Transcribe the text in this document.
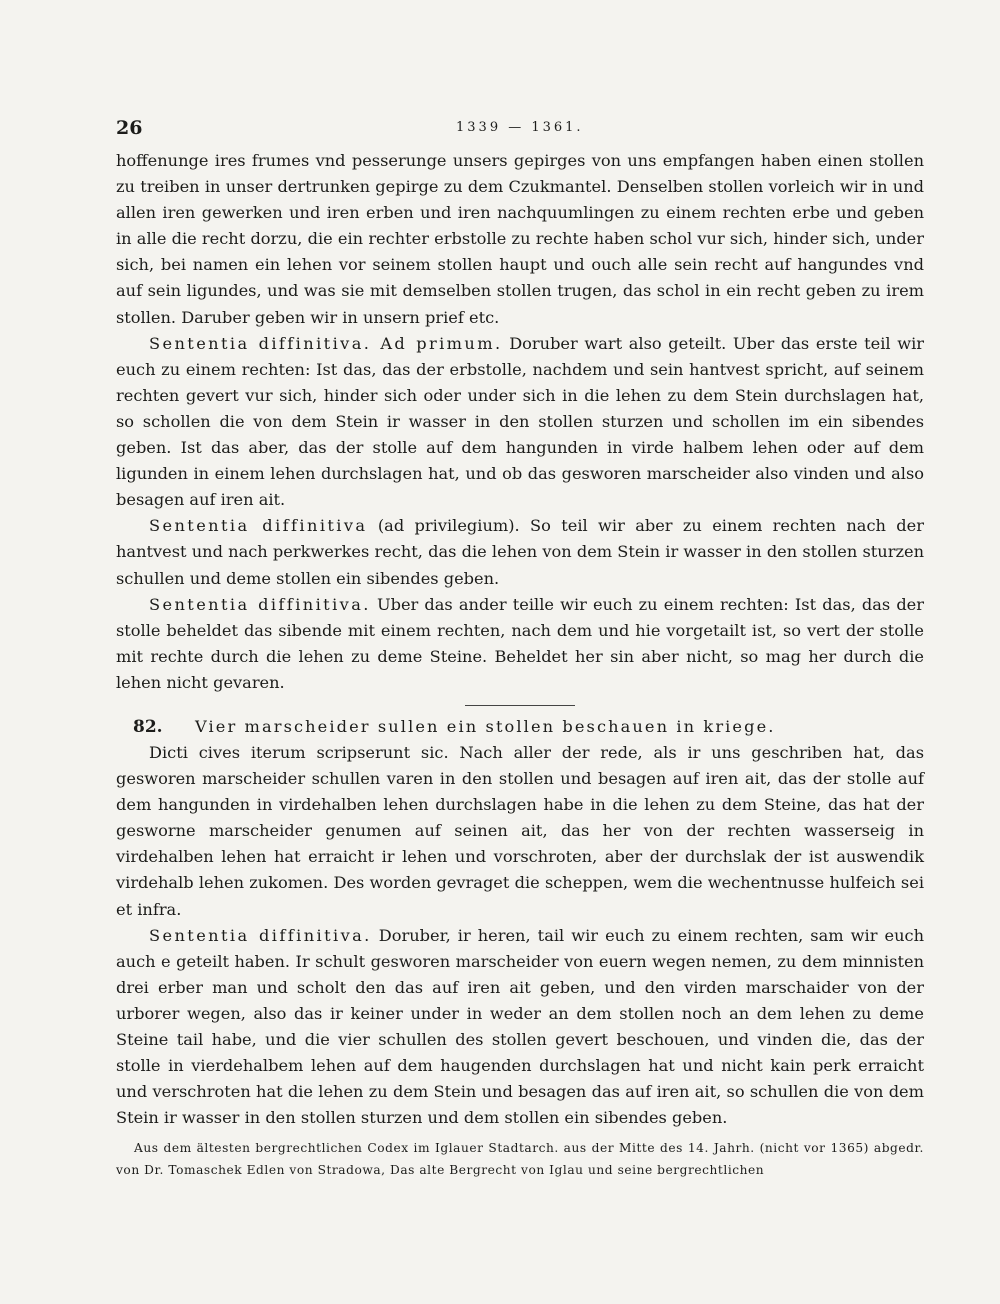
26	1339 — 1361.

hoffenunge ires frumes vnd pesserunge unsers gepirges von uns empfangen haben einen stollen zu treiben in unser dertrunken gepirge zu dem Czukmantel. Denselben stollen vorleich wir in und allen iren gewerken und iren erben und iren nachquumlingen zu einem rechten erbe und geben in alle die recht dorzu, die ein rechter erbstolle zu rechte haben schol vur sich, hinder sich, under sich, bei namen ein lehen vor seinem stollen haupt und ouch alle sein recht auf hangundes vnd auf sein ligundes, und was sie mit demselben stollen trugen, das schol in ein recht geben zu irem stollen. Daruber geben wir in unsern prief etc.

Sententia diffinitiva. Ad primum. Doruber wart also geteilt. Uber das erste teil wir euch zu einem rechten: Ist das, das der erbstolle, nachdem und sein hantvest spricht, auf seinem rechten gevert vur sich, hinder sich oder under sich in die lehen zu dem Stein durchslagen hat, so schollen die von dem Stein ir wasser in den stollen sturzen und schollen im ein sibendes geben. Ist das aber, das der stolle auf dem hangunden in virde halbem lehen oder auf dem ligunden in einem lehen durchslagen hat, und ob das gesworen marscheider also vinden und also besagen auf iren ait.

Sententia diffinitiva (ad privilegium). So teil wir aber zu einem rechten nach der hantvest und nach perkwerkes recht, das die lehen von dem Stein ir wasser in den stollen sturzen schullen und deme stollen ein sibendes geben.

Sententia diffinitiva. Uber das ander teille wir euch zu einem rechten: Ist das, das der stolle beheldet das sibende mit einem rechten, nach dem und hie vorgetailt ist, so vert der stolle mit rechte durch die lehen zu deme Steine. Beheldet her sin aber nicht, so mag her durch die lehen nicht gevaren.

82.	Vier marscheider sullen ein stollen beschauen in kriege.

Dicti cives iterum scripserunt sic. Nach aller der rede, als ir uns geschriben hat, das gesworen marscheider schullen varen in den stollen und besagen auf iren ait, das der stolle auf dem hangunden in virdehalben lehen durchslagen habe in die lehen zu dem Steine, das hat der gesworne marscheider genumen auf seinen ait, das her von der rechten wasserseig in virdehalben lehen hat erraicht ir lehen und vorschroten, aber der durchslak der ist auswendik virdehalb lehen zukomen. Des worden gevraget die scheppen, wem die wechentnusse hulfeich sei et infra.

Sententia diffinitiva. Doruber, ir heren, tail wir euch zu einem rechten, sam wir euch auch e geteilt haben. Ir schult gesworen marscheider von euern wegen nemen, zu dem minnisten drei erber man und scholt den das auf iren ait geben, und den virden marschaider von der urborer wegen, also das ir keiner under in weder an dem stollen noch an dem lehen zu deme Steine tail habe, und die vier schullen des stollen gevert beschouen, und vinden die, das der stolle in vierdehalbem lehen auf dem haugenden durchslagen hat und nicht kain perk erraicht und verschroten hat die lehen zu dem Stein und besagen das auf iren ait, so schullen die von dem Stein ir wasser in den stollen sturzen und dem stollen ein sibendes geben.

Aus dem ältesten bergrechtlichen Codex im Iglauer Stadtarch. aus der Mitte des 14. Jahrh. (nicht vor 1365) abgedr. von Dr. Tomaschek Edlen von Stradowa, Das alte Bergrecht von Iglau und seine bergrechtlichen
